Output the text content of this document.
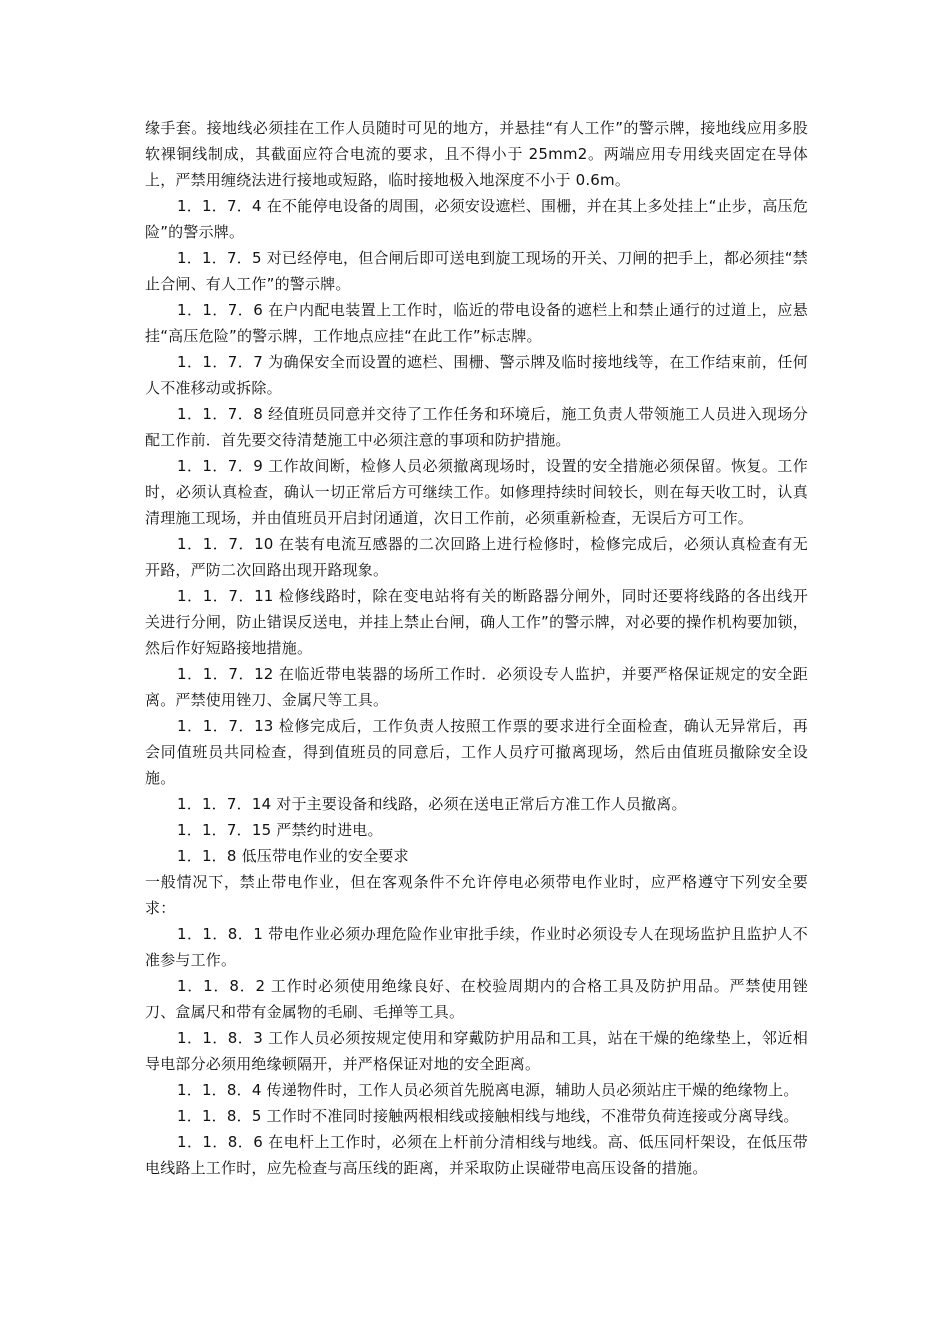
缘手套。接地线必须挂在工作人员随时可见的地方，并悬挂“有人工作”的警示牌，接地线应用多股软裸铜线制成，其截面应符合电流的要求，且不得小于 25mm2。两端应用专用线夹固定在导体上，严禁用缠绕法进行接地或短路，临时接地极入地深度不小于 0.6m。

1．1．7．4 在不能停电设备的周围，必须安设遮栏、围栅，并在其上多处挂上“止步，高压危险”的警示牌。

1．1．7．5 对已经停电，但合闸后即可送电到旋工现场的开关、刀闸的把手上，都必须挂“禁止合闸、有人工作”的警示牌。

1．1．7．6 在户内配电装置上工作时，临近的带电设备的遮栏上和禁止通行的过道上，应悬挂“高压危险”的警示牌，工作地点应挂“在此工作”标志牌。

1．1．7．7 为确保安全而设置的遮栏、围栅、警示牌及临时接地线等，在工作结束前，任何人不准移动或拆除。

1．1．7．8 经值班员同意并交待了工作任务和环境后，施工负责人带领施工人员进入现场分配工作前．首先要交待清楚施工中必须注意的事项和防护措施。

1．1．7．9 工作故间断，检修人员必须撤离现场时，设置的安全措施必须保留。恢复。工作时，必须认真检查，确认一切正常后方可继续工作。如修理持续时间较长，则在每天收工时，认真清理施工现场，并由值班员开启封闭通道，次日工作前，必须重新检查，无误后方可工作。

1．1．7．10 在装有电流互感器的二次回路上进行检修时，检修完成后，必须认真检查有无开路，严防二次回路出现开路现象。

1．1．7．11 检修线路时，除在变电站将有关的断路器分闸外，同时还要将线路的各出线开关进行分闸，防止错误反送电，并挂上禁止台闸，确人工作”的警示牌，对必要的操作机构要加锁，然后作好短路接地措施。

1．1．7．12 在临近带电装器的场所工作时．必须设专人监护，并要严格保证规定的安全距离。严禁使用锉刀、金属尺等工具。

1．1．7．13 检修完成后，工作负责人按照工作票的要求进行全面检查，确认无异常后，再会同值班员共同检查，得到值班员的同意后，工作人员疗可撤离现场，然后由值班员撤除安全设施。

1．1．7．14 对于主要设备和线路，必须在送电正常后方准工作人员撤离。

1．1．7．15 严禁约时进电。

1．1．8 低压带电作业的安全要求

一般情况下，禁止带电作业，但在客观条件不允许停电必须带电作业时，应严格遵守下列安全要求：

1．1．8．1 带电作业必须办理危险作业审批手续，作业时必须设专人在现场监护且监护人不准参与工作。

1．1．8．2 工作时必须使用绝缘良好、在校验周期内的合格工具及防护用品。严禁使用锉刀、盒属尺和带有金属物的毛刷、毛掸等工具。

1．1．8．3 工作人员必须按规定使用和穿戴防护用品和工具，站在干燥的绝缘垫上，邻近相导电部分必须用绝缘顿隔开，并严格保证对地的安全距离。

1．1．8．4 传递物件时，工作人员必须首先脱离电源，辅助人员必须站庄干燥的绝缘物上。

1．1．8．5 工作时不准同时接触两根相线或接触相线与地线，不准带负荷连接或分离导线。

1．1．8．6 在电杆上工作时，必须在上杆前分清相线与地线。高、低压同杆架设，在低压带电线路上工作时，应先检查与高压线的距离，并采取防止误碰带电高压设备的措施。
